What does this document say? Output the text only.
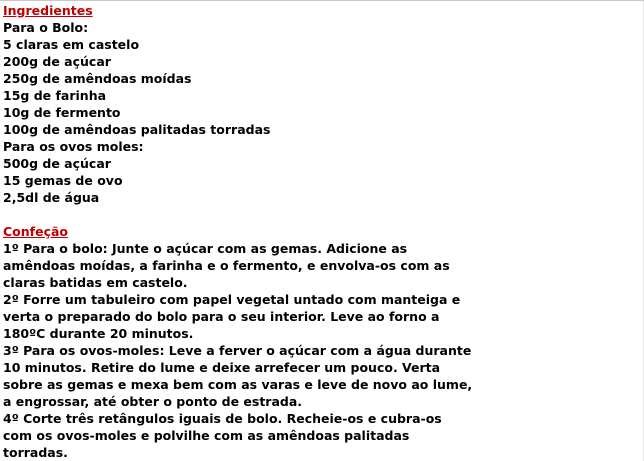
Ingredientes
Para o Bolo:
5 claras em castelo
200g de açúcar
250g de amêndoas moídas
15g de farinha
10g de fermento
100g de amêndoas palitadas torradas
Para os ovos moles:
500g de açúcar
15 gemas de ovo
2,5dl de água
Confeção
1º Para o bolo: Junte o açúcar com as gemas. Adicione as
amêndoas moídas, a farinha e o fermento, e envolva-os com as
claras batidas em castelo.
2º Forre um tabuleiro com papel vegetal untado com manteiga e
verta o preparado do bolo para o seu interior. Leve ao forno a
180ºC durante 20 minutos.
3º Para os ovos-moles: Leve a ferver o açúcar com a água durante
10 minutos. Retire do lume e deixe arrefecer um pouco. Verta
sobre as gemas e mexa bem com as varas e leve de novo ao lume,
a engrossar, até obter o ponto de estrada.
4º Corte três retângulos iguais de bolo. Recheie-os e cubra-os
com os ovos-moles e polvilhe com as amêndoas palitadas
torradas.
